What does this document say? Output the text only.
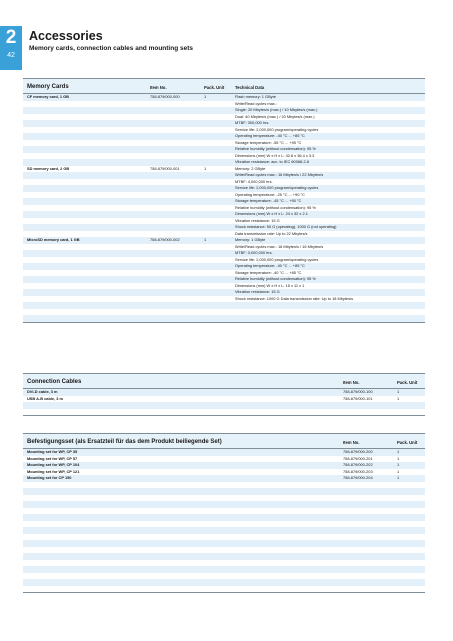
2
42
Accessories
Memory cards, connection cables and mounting sets
Memory Cards	Item No.	Pack. Unit	Technical Data
CF memory card, 1 GB	758-879/000-000	1	Flash memory: 1 GByte
Write/Read cycles max.:
Single: 20 Mbytes/s (max.) / 10 Mbytes/s (max.)
Dual: 40 Mbytes/s (max.) / 20 Mbytes/s (max.)
MTBF: 300,000 hrs.
Service life: 2,000,000 program/operating cycles
Operating temperature: -40 °C ... +85 °C
Storage temperature: -55 °C ... +95 °C
Relative humidity (without condensation): 95 %
Dimensions (mm) W x H x L: 42.8 x 36.4 x 3.3
Vibration resistance: acc. to IEC 60068-2-6
SD memory card, 2 GB	758-879/000-001	1	Memory: 2 GByte
Write/Read cycles max.: 16 Mbytes/s / 22 Mbytes/s
MTBF: 4,000,000 hrs.
Service life: 2,000,000 program/operating cycles
Operating temperature: -25 °C ... +90 °C
Storage temperature: -45 °C ... +90 °C
Relative humidity (without condensation): 95 %
Dimensions (mm) W x H x L: 24 x 32 x 2.1
Vibration resistance: 15 G
Shock resistance: 50 G (operating), 1000 G (not operating)
Data transmission rate: Up to 22 Mbytes/s
MicroSD memory card, 1 GB	758-879/000-002	1	Memory: 1 GByte
Write/Read cycles max.: 18 Mbytes/s / 16 Mbytes/s
MTBF: 3,000,000 hrs.
Service life: 2,000,000 program/operating cycles
Operating temperature: -40 °C ... +85 °C
Storage temperature: -40 °C ... +85 °C
Relative humidity (without condensation): 95 %
Dimensions (mm) W x H x L: 15 x 11 x 1
Vibration resistance: 15 G
Shock resistance: 1000 G Data transmission rate: Up to 18 Mbytes/s
Connection Cables	Item No.	Pack. Unit
DVI-D cable, 3 m	758-879/000-100	1
USB A-B cable, 3 m	758-879/000-101	1
Befestigungsset (als Ersatzteil für das dem Produkt beiliegende Set)	Item No.	Pack. Unit
Mounting set for WP, CP 35	758-879/000-200	1
Mounting set for WP, CP 57	758-879/000-201	1
Mounting set for WP, CP 104	758-879/000-202	1
Mounting set for WP, CP 121	758-879/000-203	1
Mounting set for CP 150	758-879/000-204	1
